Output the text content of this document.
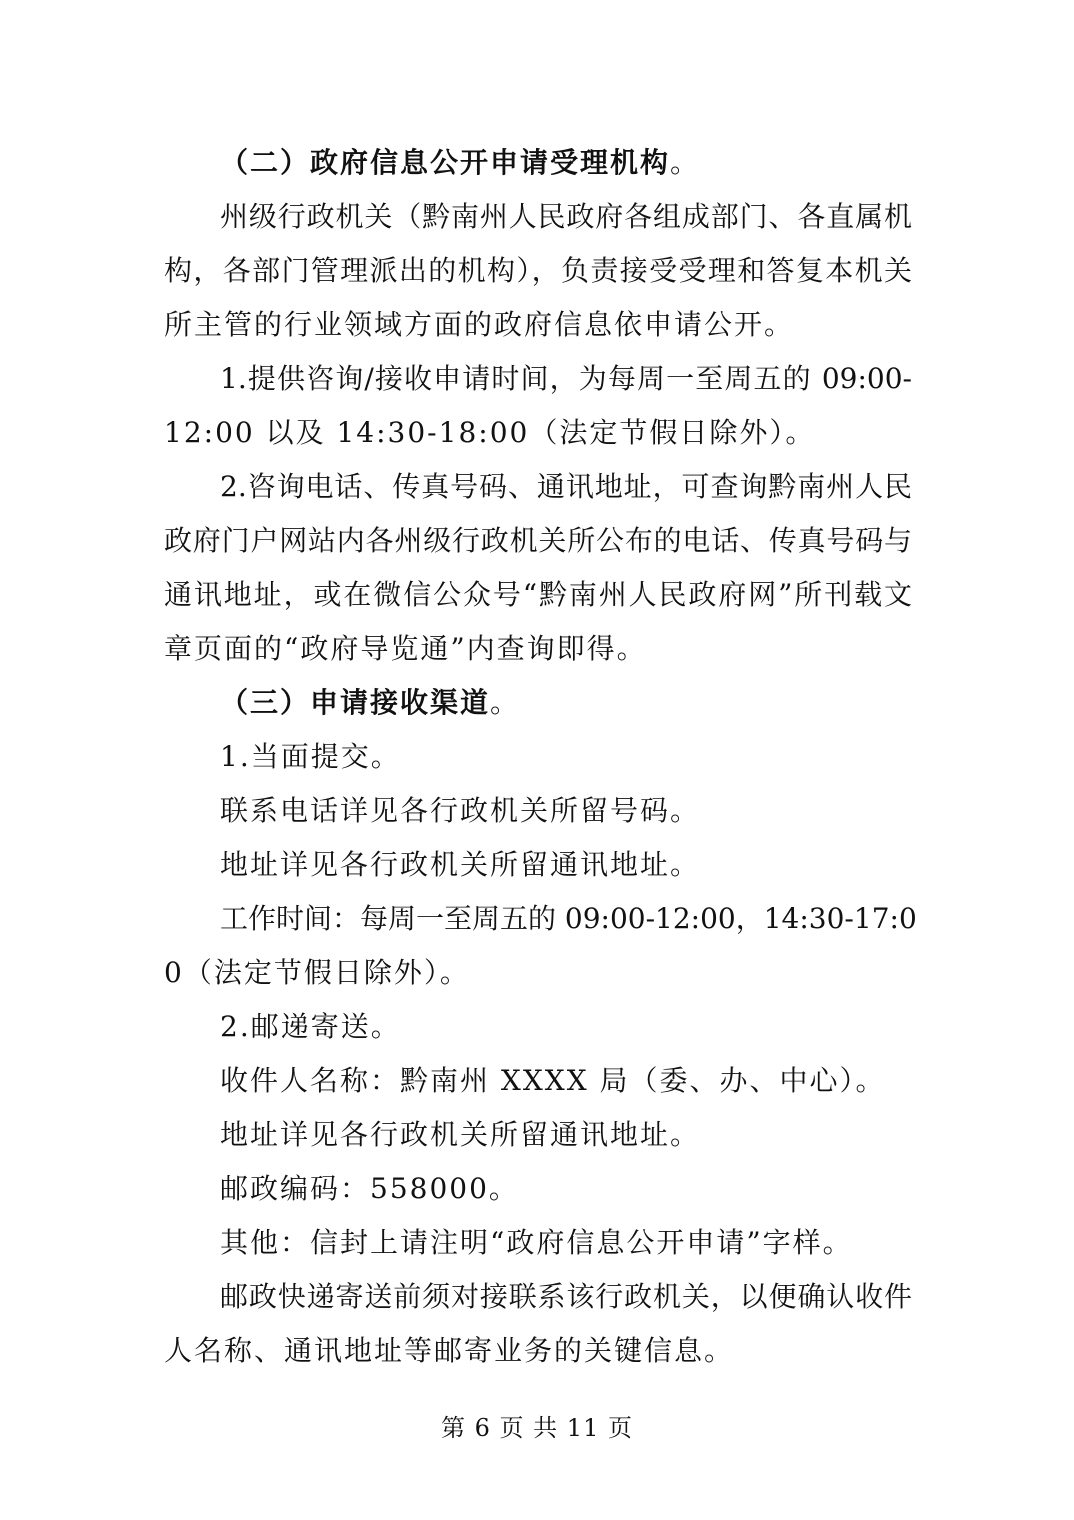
（二）政府信息公开申请受理机构。
州级行政机关（黔南州人民政府各组成部门、各直属机
构，各部门管理派出的机构），负责接受受理和答复本机关
所主管的行业领域方面的政府信息依申请公开。
1.提供咨询/接收申请时间，为每周一至周五的 09:00-
12:00 以及 14:30-18:00（法定节假日除外）。
2.咨询电话、传真号码、通讯地址，可查询黔南州人民
政府门户网站内各州级行政机关所公布的电话、传真号码与
通讯地址，或在微信公众号“黔南州人民政府网”所刊载文
章页面的“政府导览通”内查询即得。
（三）申请接收渠道。
1.当面提交。
联系电话详见各行政机关所留号码。
地址详见各行政机关所留通讯地址。
工作时间：每周一至周五的 09:00-12:00，14:30-17:0
0（法定节假日除外）。
2.邮递寄送。
收件人名称：黔南州 XXXX 局（委、办、中心）。
地址详见各行政机关所留通讯地址。
邮政编码：558000。
其他：信封上请注明“政府信息公开申请”字样。
邮政快递寄送前须对接联系该行政机关，以便确认收件
人名称、通讯地址等邮寄业务的关键信息。
第 6 页 共 11 页
